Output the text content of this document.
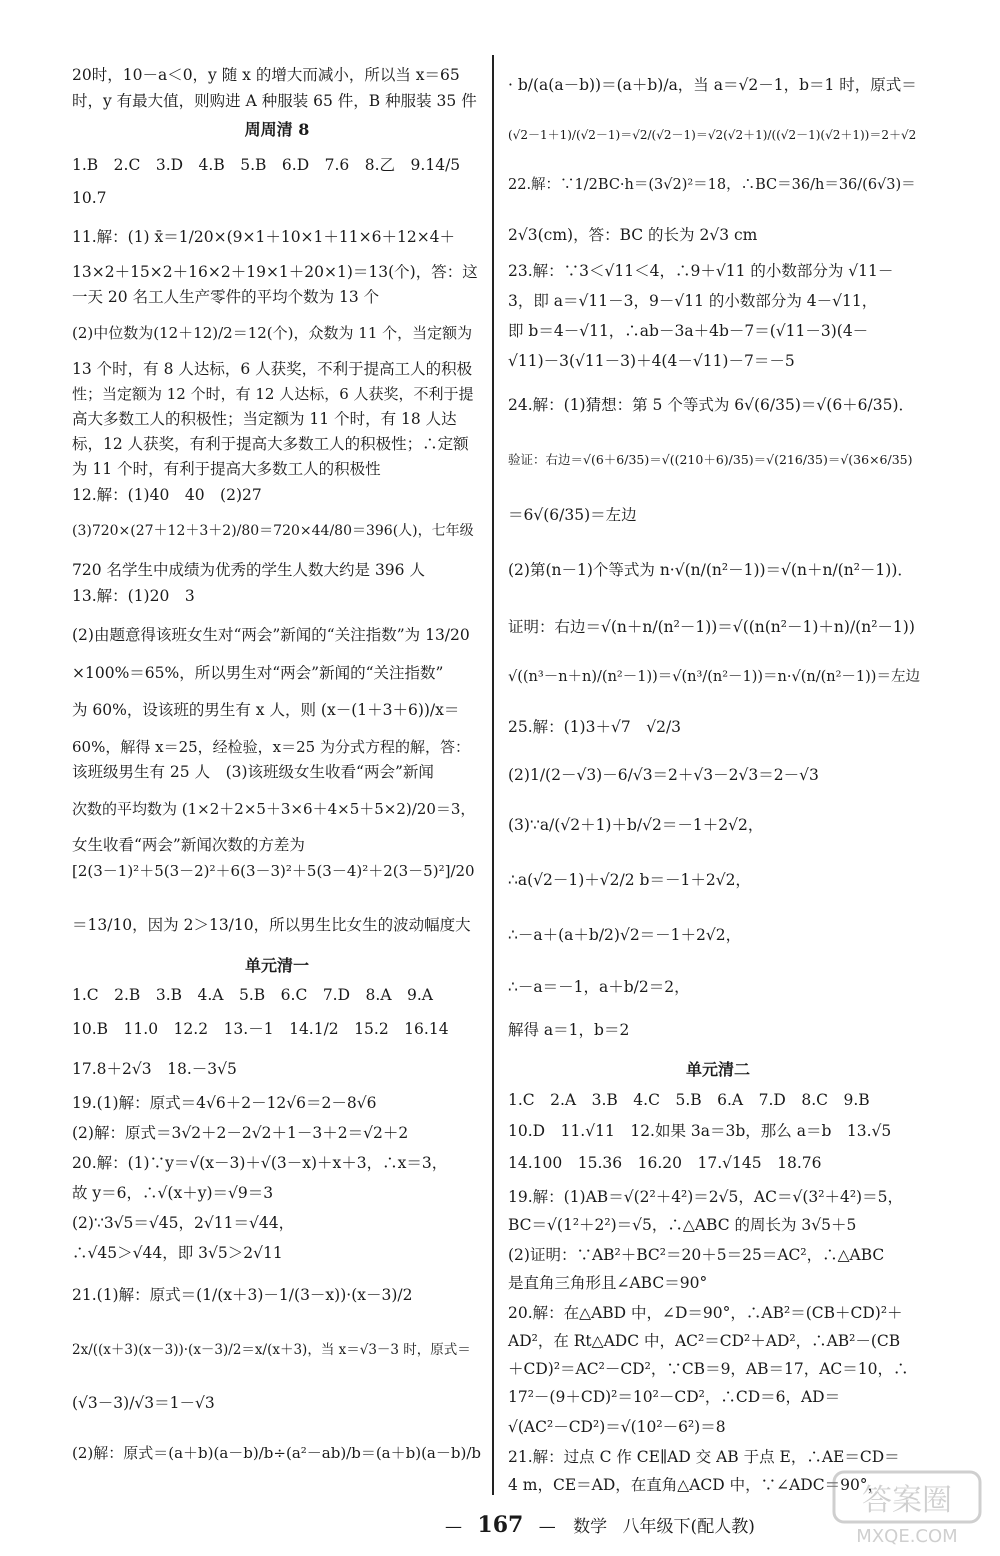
20时，10－a＜0，y 随 x 的增大而减小，所以当 x＝65
时，y 有最大值，则购进 A 种服装 65 件，B 种服装 35 件
周周清 8
1.B　2.C　3.D　4.B　5.B　6.D　7.6　8.乙　9.14/5
10.7
11.解：(1) x̄＝1/20×(9×1＋10×1＋11×6＋12×4＋
13×2＋15×2＋16×2＋19×1＋20×1)＝13(个)，答：这
一天 20 名工人生产零件的平均个数为 13 个
(2)中位数为(12＋12)/2＝12(个)，众数为 11 个，当定额为
13 个时，有 8 人达标，6 人获奖，不利于提高工人的积极
性；当定额为 12 个时，有 12 人达标，6 人获奖，不利于提
高大多数工人的积极性；当定额为 11 个时，有 18 人达
标，12 人获奖，有利于提高大多数工人的积极性；∴定额
为 11 个时，有利于提高大多数工人的积极性
12.解：(1)40　40　(2)27
(3)720×(27＋12＋3＋2)/80＝720×44/80＝396(人)，七年级
720 名学生中成绩为优秀的学生人数大约是 396 人
13.解：(1)20　3
(2)由题意得该班女生对“两会”新闻的“关注指数”为 13/20
×100%＝65%，所以男生对“两会”新闻的“关注指数”
为 60%，设该班的男生有 x 人，则 (x－(1＋3＋6))/x＝
60%，解得 x＝25，经检验，x＝25 为分式方程的解，答：
该班级男生有 25 人　(3)该班级女生收看“两会”新闻
次数的平均数为 (1×2＋2×5＋3×6＋4×5＋5×2)/20＝3，
女生收看“两会”新闻次数的方差为
[2(3－1)²＋5(3－2)²＋6(3－3)²＋5(3－4)²＋2(3－5)²]/20
＝13/10，因为 2＞13/10，所以男生比女生的波动幅度大
单元清一
1.C　2.B　3.B　4.A　5.B　6.C　7.D　8.A　9.A
10.B　11.0　12.2　13.－1　14.1/2　15.2　16.14
17.8＋2√3　18.－3√5
19.(1)解：原式＝4√6＋2－12√6＝2－8√6
(2)解：原式＝3√2＋2－2√2＋1－3＋2＝√2＋2
20.解：(1)∵y＝√(x－3)＋√(3－x)＋x＋3，∴x＝3，
故 y＝6，∴√(x＋y)＝√9＝3
(2)∵3√5＝√45，2√11＝√44，
∴√45＞√44，即 3√5＞2√11
21.(1)解：原式＝(1/(x＋3)－1/(3－x))·(x－3)/2
2x/((x＋3)(x－3))·(x－3)/2＝x/(x＋3)，当 x＝√3－3 时，原式＝
(√3－3)/√3＝1－√3
(2)解：原式＝(a＋b)(a－b)/b÷(a²－ab)/b＝(a＋b)(a－b)/b
· b/(a(a－b))＝(a＋b)/a，当 a＝√2－1，b＝1 时，原式＝
(√2－1＋1)/(√2－1)＝√2/(√2－1)＝√2(√2＋1)/((√2－1)(√2＋1))＝2＋√2
22.解：∵1/2BC·h＝(3√2)²＝18，∴BC＝36/h＝36/(6√3)＝
2√3(cm)，答：BC 的长为 2√3 cm
23.解：∵3＜√11＜4，∴9＋√11 的小数部分为 √11－
3，即 a＝√11－3，9－√11 的小数部分为 4－√11，
即 b＝4－√11，∴ab－3a＋4b－7＝(√11－3)(4－
√11)－3(√11－3)＋4(4－√11)－7＝－5
24.解：(1)猜想：第 5 个等式为 6√(6/35)＝√(6＋6/35)．
验证：右边＝√(6＋6/35)＝√((210＋6)/35)＝√(216/35)＝√(36×6/35)
＝6√(6/35)＝左边
(2)第(n－1)个等式为 n·√(n/(n²－1))＝√(n＋n/(n²－1))．
证明：右边＝√(n＋n/(n²－1))＝√((n(n²－1)＋n)/(n²－1))
√((n³－n＋n)/(n²－1))＝√(n³/(n²－1))＝n·√(n/(n²－1))＝左边
25.解：(1)3＋√7　√2/3
(2)1/(2－√3)－6/√3＝2＋√3－2√3＝2－√3
(3)∵a/(√2＋1)＋b/√2＝－1＋2√2，
∴a(√2－1)＋√2/2 b＝－1＋2√2，
∴－a＋(a＋b/2)√2＝－1＋2√2，
∴－a＝－1，a＋b/2＝2，
解得 a＝1，b＝2
单元清二
1.C　2.A　3.B　4.C　5.B　6.A　7.D　8.C　9.B
10.D　11.√11　12.如果 3a＝3b，那么 a＝b　13.√5
14.100　15.36　16.20　17.√145　18.76
19.解：(1)AB＝√(2²＋4²)＝2√5，AC＝√(3²＋4²)＝5，
BC＝√(1²＋2²)＝√5，∴△ABC 的周长为 3√5＋5
(2)证明：∵AB²＋BC²＝20＋5＝25＝AC²，∴△ABC
是直角三角形且∠ABC＝90°
20.解：在△ABD 中，∠D＝90°，∴AB²＝(CB＋CD)²＋
AD²，在 Rt△ADC 中，AC²＝CD²＋AD²，∴AB²－(CB
＋CD)²＝AC²－CD²，∵CB＝9，AB＝17，AC＝10，∴
17²－(9＋CD)²＝10²－CD²，∴CD＝6，AD＝
√(AC²－CD²)＝√(10²－6²)＝8
21.解：过点 C 作 CE∥AD 交 AB 于点 E，∴AE＝CD＝
4 m，CE＝AD，在直角△ACD 中，∵∠ADC＝90°，
— 167 — 数学 八年级下(配人教)
答案圈
MXQE.COM
